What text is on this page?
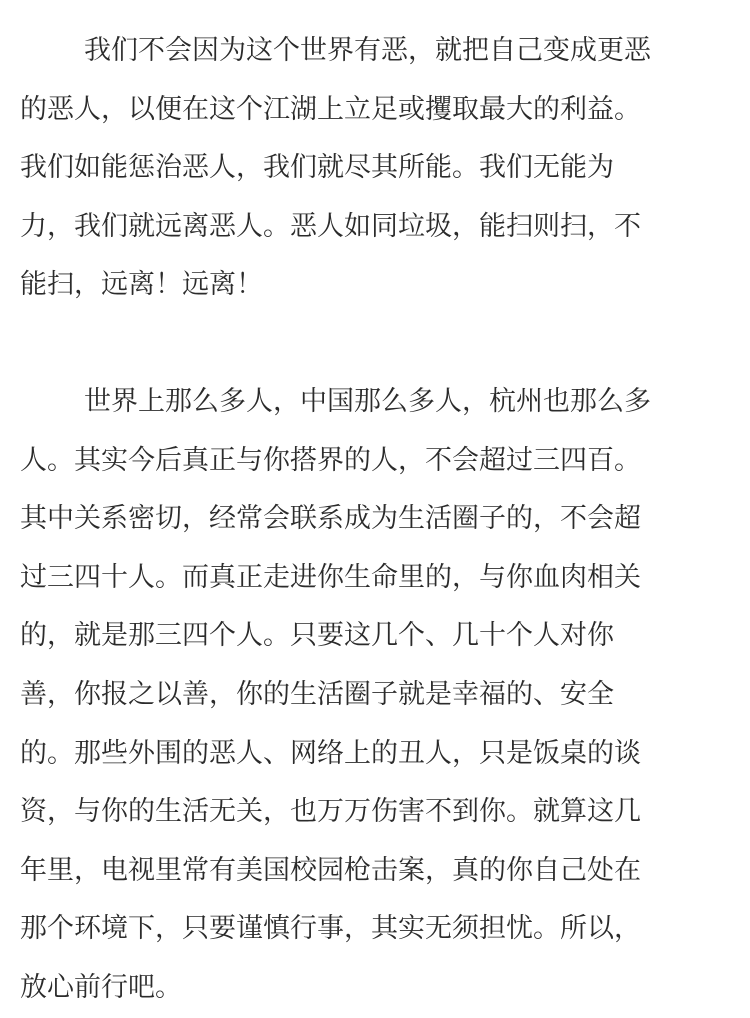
我们不会因为这个世界有恶，就把自己变成更恶
的恶人，以便在这个江湖上立足或攫取最大的利益。
我们如能惩治恶人，我们就尽其所能。我们无能为
力，我们就远离恶人。恶人如同垃圾，能扫则扫，不
能扫，远离！远离！
世界上那么多人，中国那么多人，杭州也那么多
人。其实今后真正与你搭界的人，不会超过三四百。
其中关系密切，经常会联系成为生活圈子的，不会超
过三四十人。而真正走进你生命里的，与你血肉相关
的，就是那三四个人。只要这几个、几十个人对你
善，你报之以善，你的生活圈子就是幸福的、安全
的。那些外围的恶人、网络上的丑人，只是饭桌的谈
资，与你的生活无关，也万万伤害不到你。就算这几
年里，电视里常有美国校园枪击案，真的你自己处在
那个环境下，只要谨慎行事，其实无须担忧。所以，
放心前行吧。
